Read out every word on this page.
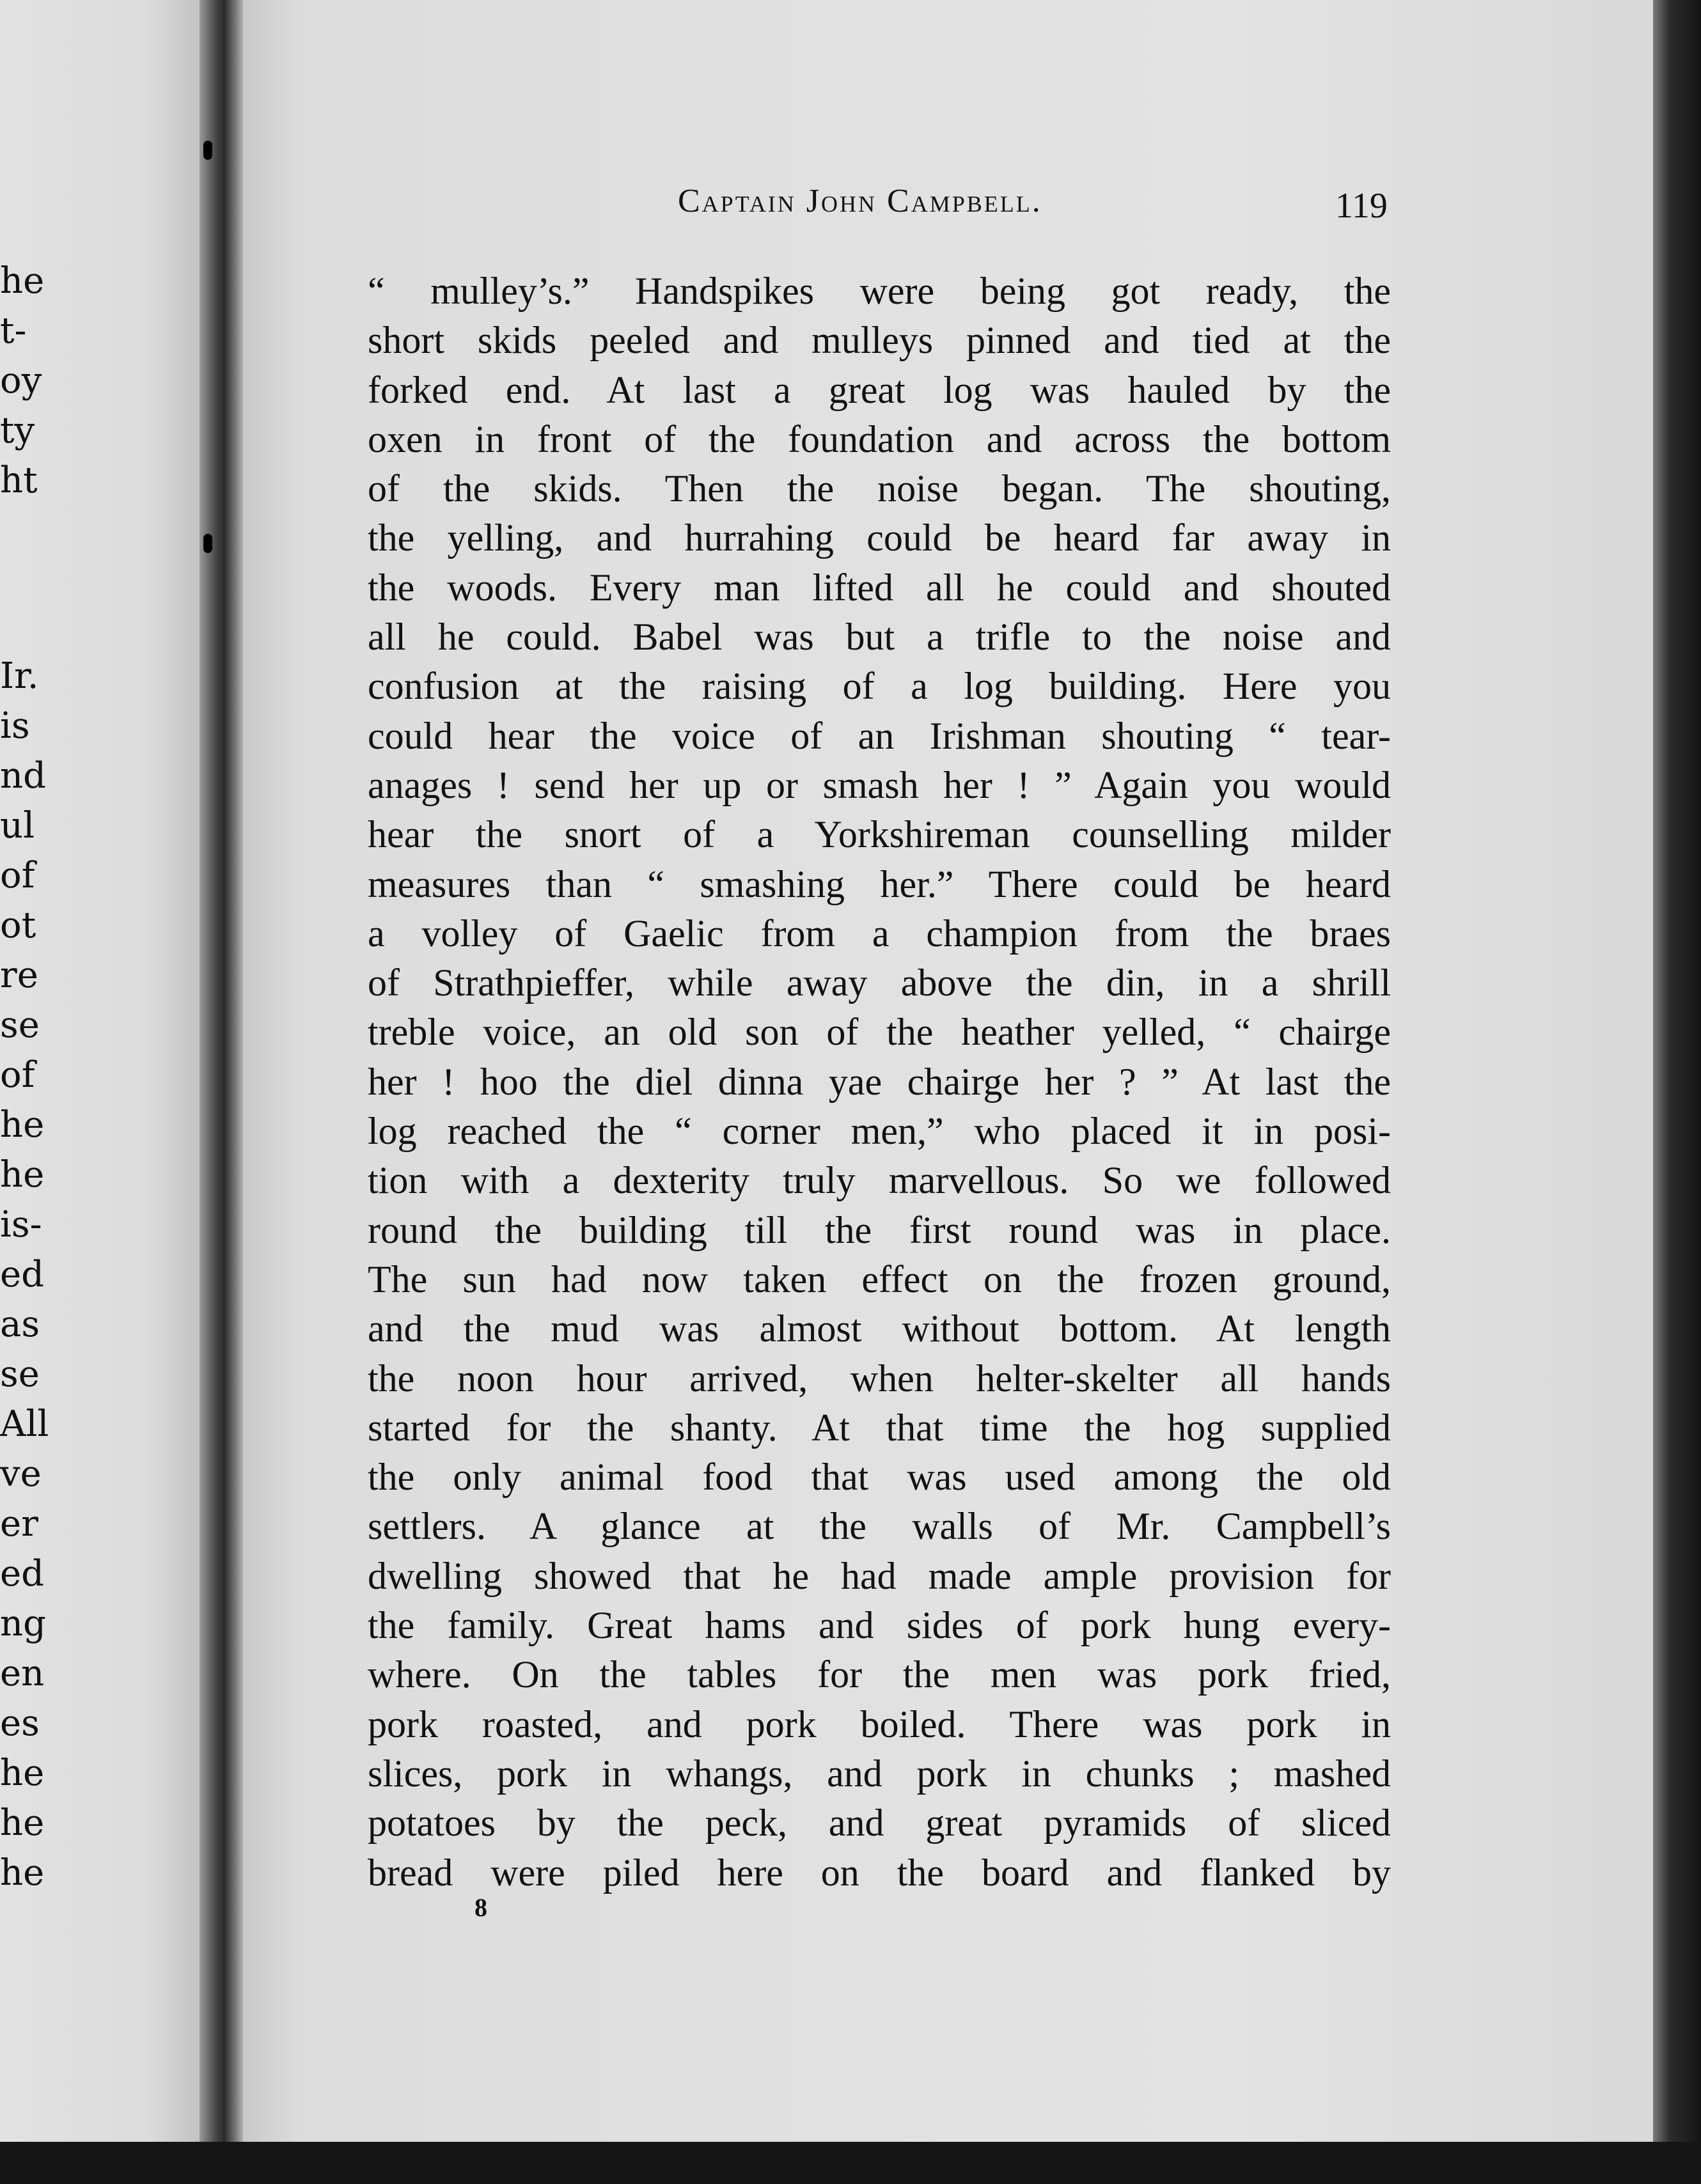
he
t-
oy
ty
ht
Ir.
is
nd
ul
of
ot
re
se
of
he
he
is-
ed
as
se
All
ve
er
ed
ng
en
es
he
he
he
Captain John Campbell.	119
“ mulley’s.” Handspikes were being got ready, the
short skids peeled and mulleys pinned and tied at the
forked end. At last a great log was hauled by the
oxen in front of the foundation and across the bottom
of the skids. Then the noise began. The shouting,
the yelling, and hurrahing could be heard far away in
the woods. Every man lifted all he could and shouted
all he could. Babel was but a trifle to the noise and
confusion at the raising of a log building. Here you
could hear the voice of an Irishman shouting “ tear-
anages ! send her up or smash her ! ” Again you would
hear the snort of a Yorkshireman counselling milder
measures than “ smashing her.” There could be heard
a volley of Gaelic from a champion from the braes
of Strathpieffer, while away above the din, in a shrill
treble voice, an old son of the heather yelled, “ chairge
her ! hoo the diel dinna yae chairge her ? ” At last the
log reached the “ corner men,” who placed it in posi-
tion with a dexterity truly marvellous. So we followed
round the building till the first round was in place.
The sun had now taken effect on the frozen ground,
and the mud was almost without bottom. At length
the noon hour arrived, when helter-skelter all hands
started for the shanty. At that time the hog supplied
the only animal food that was used among the old
settlers. A glance at the walls of Mr. Campbell’s
dwelling showed that he had made ample provision for
the family. Great hams and sides of pork hung every-
where. On the tables for the men was pork fried,
pork roasted, and pork boiled. There was pork in
slices, pork in whangs, and pork in chunks ; mashed
potatoes by the peck, and great pyramids of sliced
bread were piled here on the board and flanked by
8
